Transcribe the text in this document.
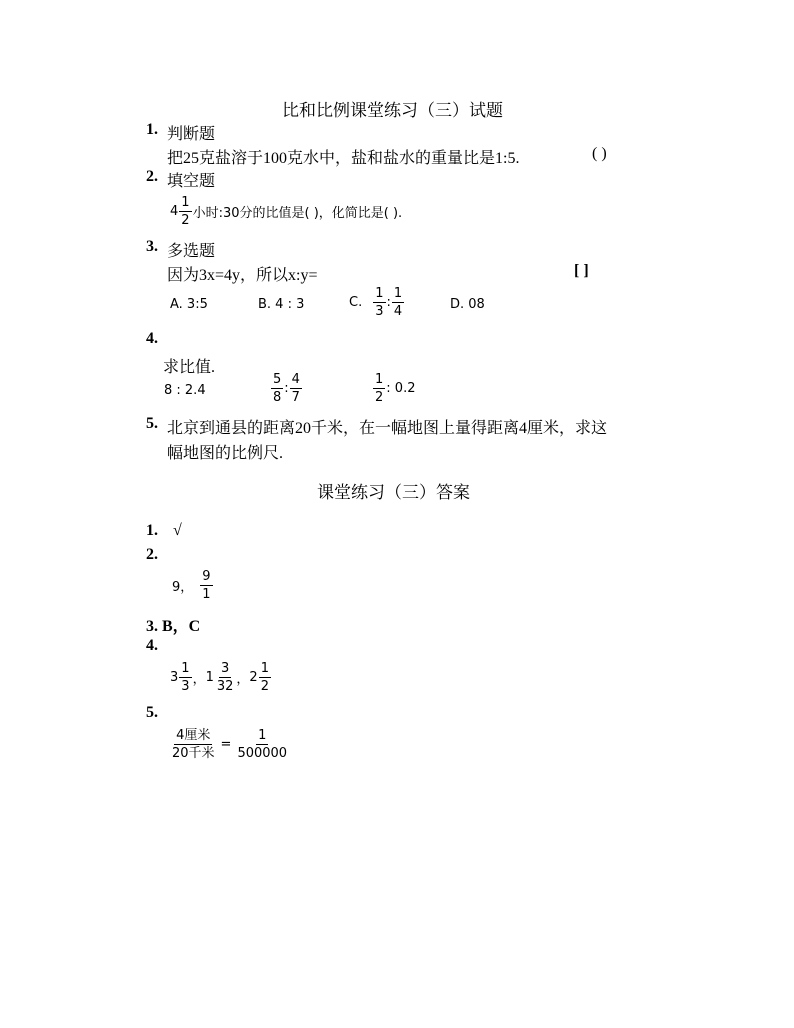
比和比例课堂练习（三）试题
1. 判断题
把25克盐溶于100克水中，盐和盐水的重量比是1:5.	( )
2. 填空题
$4 \frac{1}{2}$ 小时:30分的比值是( )，化简比是( ).
3. 多选题
因为3x=4y，所以x:y=	[ ]
A. 3:5	B. 4 : 3	C. $\frac{1}{3}$ : $\frac{1}{4}$	D. 08
4.
求比值.
8 : 2.4	$\frac{5}{8}$ : $\frac{4}{7}$	$\frac{1}{2}$ : 0.2
5. 北京到通县的距离20千米，在一幅地图上量得距离4厘米，求这
幅地图的比例尺.
课堂练习（三）答案
1. √
2.
9， $\frac{9}{1}$
3. B，C
4.
$3 \frac{1}{3}$ ， $1 \frac{3}{32}$ ， $2 \frac{1}{2}$
5.
$\frac{\text{4厘米}}{\text{20千米}} = \frac{1}{500000}$
